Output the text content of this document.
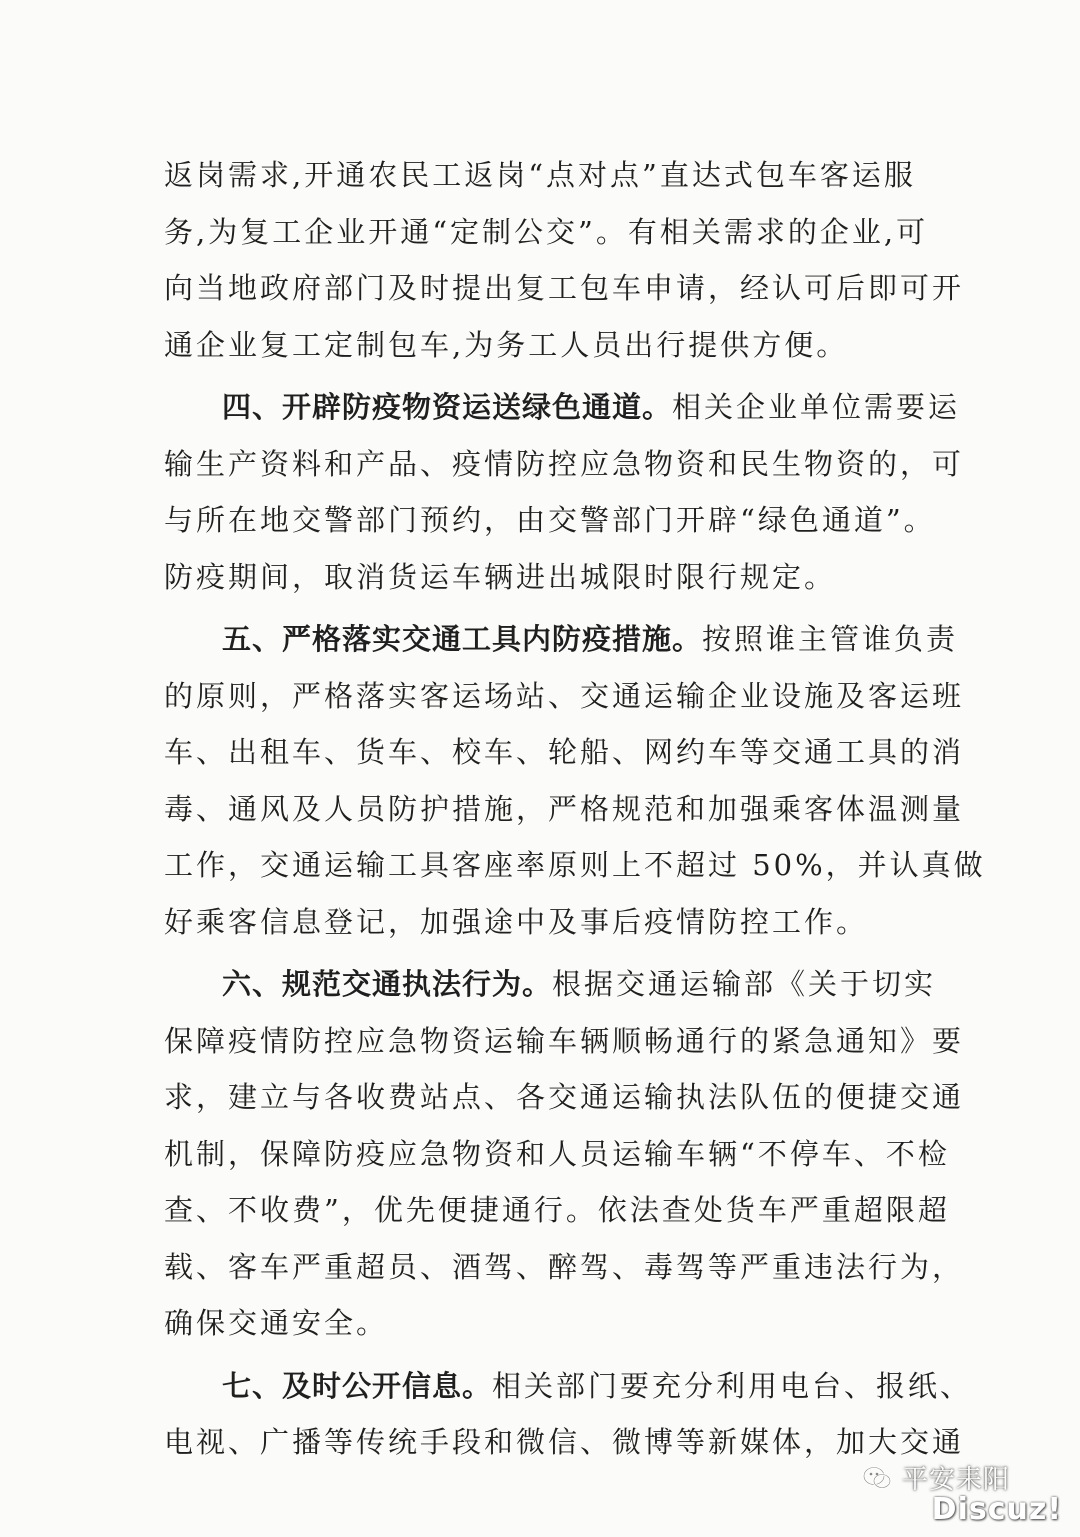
返岗需求,开通农民工返岗“点对点”直达式包车客运服
务,为复工企业开通“定制公交”。有相关需求的企业,可
向当地政府部门及时提出复工包车申请，经认可后即可开
通企业复工定制包车,为务工人员出行提供方便。
四、开辟防疫物资运送绿色通道。相关企业单位需要运
输生产资料和产品、疫情防控应急物资和民生物资的，可
与所在地交警部门预约，由交警部门开辟“绿色通道”。
防疫期间，取消货运车辆进出城限时限行规定。
五、严格落实交通工具内防疫措施。按照谁主管谁负责
的原则，严格落实客运场站、交通运输企业设施及客运班
车、出租车、货车、校车、轮船、网约车等交通工具的消
毒、通风及人员防护措施，严格规范和加强乘客体温测量
工作，交通运输工具客座率原则上不超过 50%，并认真做
好乘客信息登记，加强途中及事后疫情防控工作。
六、规范交通执法行为。根据交通运输部《关于切实
保障疫情防控应急物资运输车辆顺畅通行的紧急通知》要
求，建立与各收费站点、各交通运输执法队伍的便捷交通
机制，保障防疫应急物资和人员运输车辆“不停车、不检
查、不收费”，优先便捷通行。依法查处货车严重超限超
载、客车严重超员、酒驾、醉驾、毒驾等严重违法行为，
确保交通安全。
七、及时公开信息。相关部门要充分利用电台、报纸、
电视、广播等传统手段和微信、微博等新媒体，加大交通
平安耒阳
Discuz!
